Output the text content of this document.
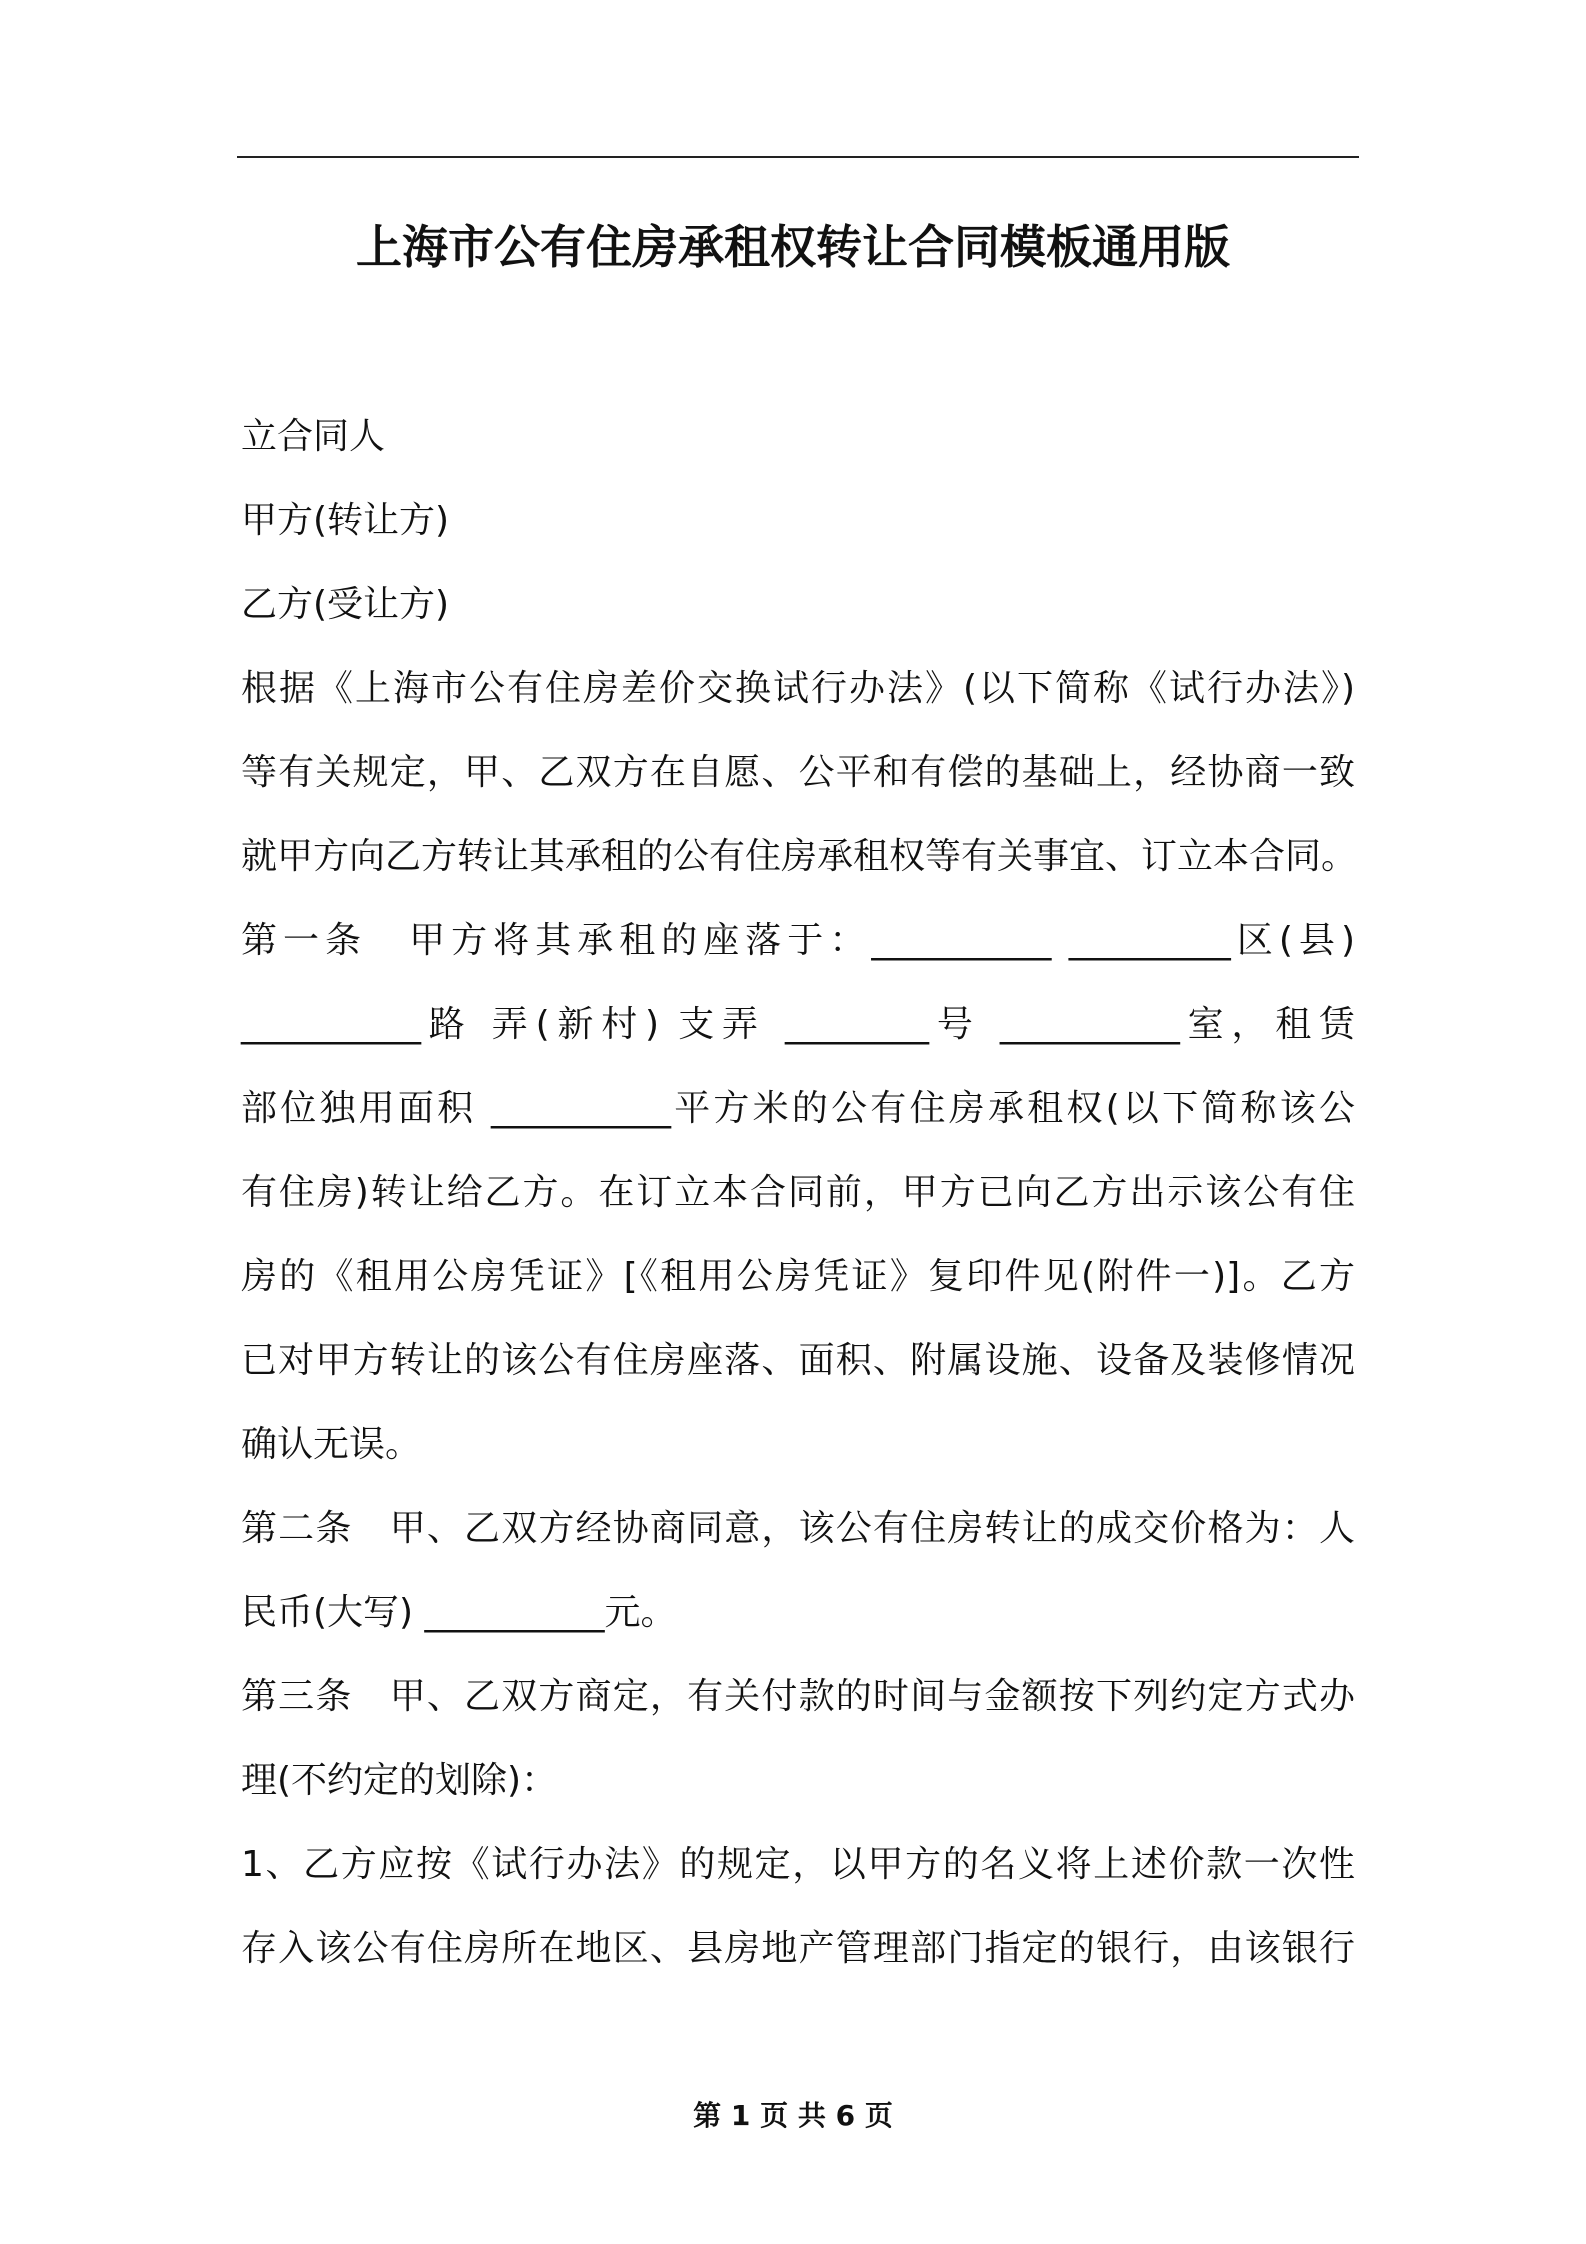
上海市公有住房承租权转让合同模板通用版
立合同人
甲方(转让方)
乙方(受让方)
根据《上海市公有住房差价交换试行办法》(以下简称《试行办法》)
等有关规定，甲、乙双方在自愿、公平和有偿的基础上，经协商一致
就甲方向乙方转让其承租的公有住房承租权等有关事宜、订立本合同。
第一条　甲方将其承租的座落于：__________ _________区(县)
__________路 弄(新村) 支弄 ________号 __________室，租赁
部位独用面积 __________平方米的公有住房承租权(以下简称该公
有住房)转让给乙方。在订立本合同前，甲方已向乙方出示该公有住
房的《租用公房凭证》[《租用公房凭证》复印件见(附件一)]。乙方
已对甲方转让的该公有住房座落、面积、附属设施、设备及装修情况
确认无误。
第二条　甲、乙双方经协商同意，该公有住房转让的成交价格为：人
民币(大写) __________元。
第三条　甲、乙双方商定，有关付款的时间与金额按下列约定方式办
理(不约定的划除)：
1、乙方应按《试行办法》的规定，以甲方的名义将上述价款一次性
存入该公有住房所在地区、县房地产管理部门指定的银行，由该银行
第 1 页 共 6 页
